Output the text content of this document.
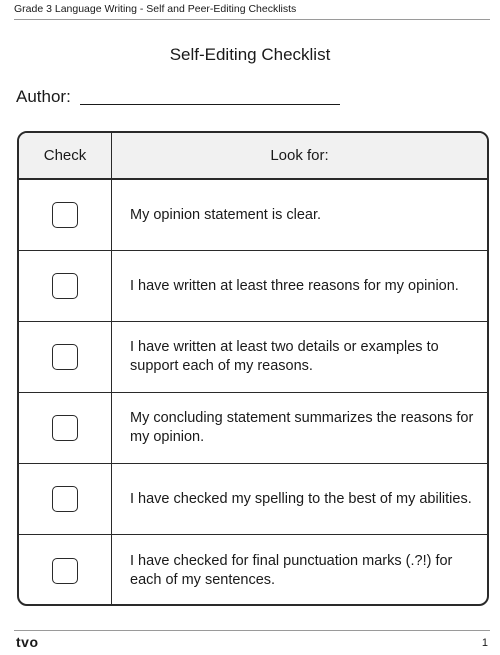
Grade 3 Language Writing - Self and Peer-Editing Checklists
Self-Editing Checklist
Author:
Check	Look for:
My opinion statement is clear.
I have written at least three reasons for my opinion.
I have written at least two details or examples to support each of my reasons.
My concluding statement summarizes the reasons for my opinion.
I have checked my spelling to the best of my abilities.
I have checked for final punctuation marks (.?!) for each of my sentences.
tvo	1
